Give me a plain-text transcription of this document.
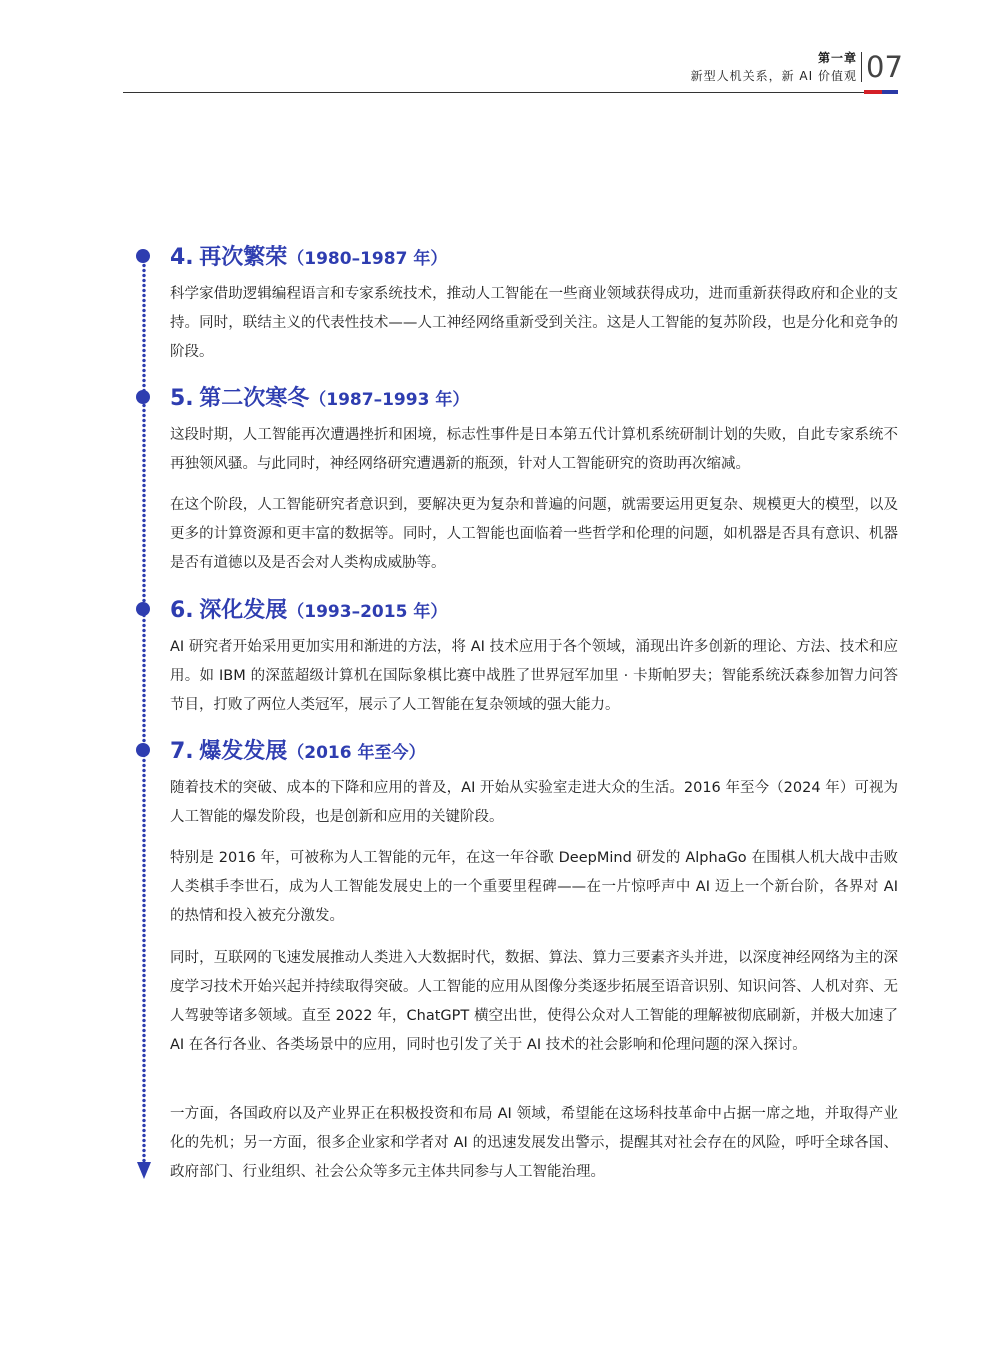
第一章
新型人机关系，新 AI 价值观 07
4. 再次繁荣（1980–1987 年）

科学家借助逻辑编程语言和专家系统技术，推动人工智能在一些商业领域获得成功，进而重新获得政府和企业的支持。同时，联结主义的代表性技术——人工神经网络重新受到关注。这是人工智能的复苏阶段，也是分化和竞争的阶段。

5. 第二次寒冬（1987–1993 年）

这段时期，人工智能再次遭遇挫折和困境，标志性事件是日本第五代计算机系统研制计划的失败，自此专家系统不再独领风骚。与此同时，神经网络研究遭遇新的瓶颈，针对人工智能研究的资助再次缩减。

在这个阶段，人工智能研究者意识到，要解决更为复杂和普遍的问题，就需要运用更复杂、规模更大的模型，以及更多的计算资源和更丰富的数据等。同时，人工智能也面临着一些哲学和伦理的问题，如机器是否具有意识、机器是否有道德以及是否会对人类构成威胁等。

6. 深化发展（1993–2015 年）

AI 研究者开始采用更加实用和渐进的方法，将 AI 技术应用于各个领域，涌现出许多创新的理论、方法、技术和应用。如 IBM 的深蓝超级计算机在国际象棋比赛中战胜了世界冠军加里 · 卡斯帕罗夫；智能系统沃森参加智力问答节目，打败了两位人类冠军，展示了人工智能在复杂领域的强大能力。

7. 爆发发展（2016 年至今）

随着技术的突破、成本的下降和应用的普及，AI 开始从实验室走进大众的生活。2016 年至今（2024 年）可视为人工智能的爆发阶段，也是创新和应用的关键阶段。

特别是 2016 年，可被称为人工智能的元年，在这一年谷歌 DeepMind 研发的 AlphaGo 在围棋人机大战中击败人类棋手李世石，成为人工智能发展史上的一个重要里程碑——在一片惊呼声中 AI 迈上一个新台阶，各界对 AI 的热情和投入被充分激发。

同时，互联网的飞速发展推动人类进入大数据时代，数据、算法、算力三要素齐头并进，以深度神经网络为主的深度学习技术开始兴起并持续取得突破。人工智能的应用从图像分类逐步拓展至语音识别、知识问答、人机对弈、无人驾驶等诸多领域。直至 2022 年，ChatGPT 横空出世，使得公众对人工智能的理解被彻底刷新，并极大加速了 AI 在各行各业、各类场景中的应用，同时也引发了关于 AI 技术的社会影响和伦理问题的深入探讨。

一方面，各国政府以及产业界正在积极投资和布局 AI 领域，希望能在这场科技革命中占据一席之地，并取得产业化的先机；另一方面，很多企业家和学者对 AI 的迅速发展发出警示，提醒其对社会存在的风险，呼吁全球各国、政府部门、行业组织、社会公众等多元主体共同参与人工智能治理。
